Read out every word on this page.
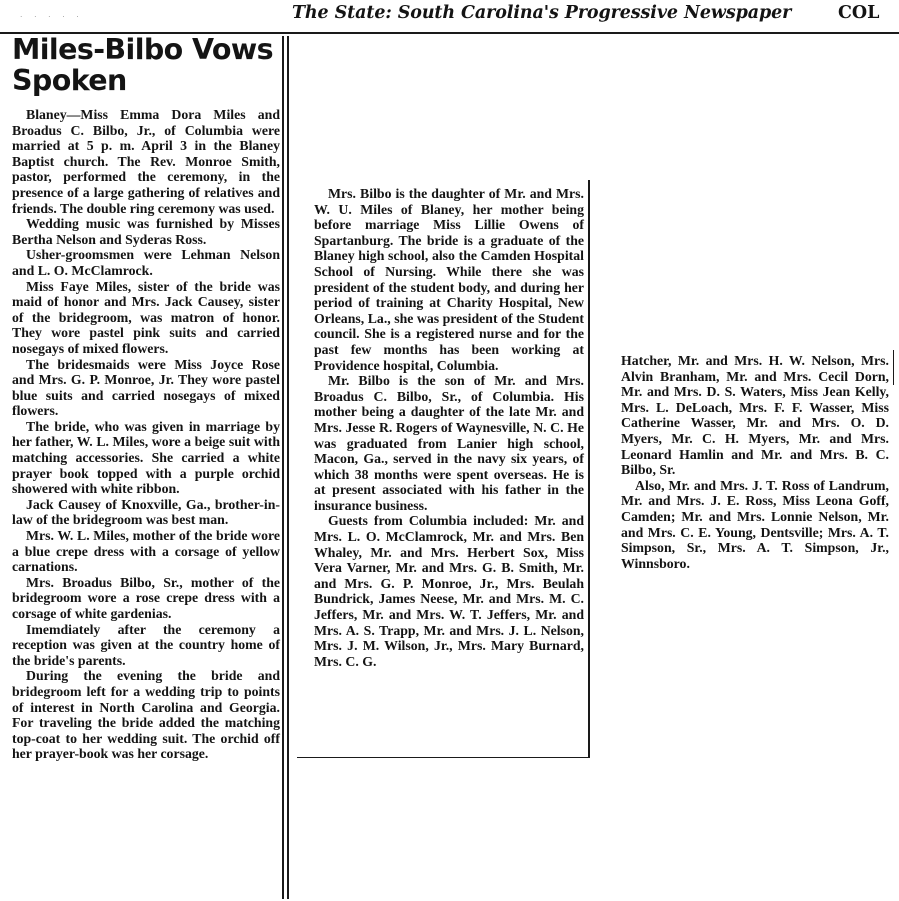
· · · · ·	The State: South Carolina's Progressive Newspaper	COL
Miles-Bilbo Vows Spoken

Blaney—Miss Emma Dora Miles and Broadus C. Bilbo, Jr., of Columbia were married at 5 p. m. April 3 in the Blaney Baptist church. The Rev. Monroe Smith, pastor, performed the ceremony, in the presence of a large gathering of relatives and friends. The double ring ceremony was used.

Wedding music was furnished by Misses Bertha Nelson and Syderas Ross.

Usher-groomsmen were Lehman Nelson and L. O. McClamrock.

Miss Faye Miles, sister of the bride was maid of honor and Mrs. Jack Causey, sister of the bridegroom, was matron of honor. They wore pastel pink suits and carried nosegays of mixed flowers.

The bridesmaids were Miss Joyce Rose and Mrs. G. P. Monroe, Jr. They wore pastel blue suits and carried nosegays of mixed flowers.

The bride, who was given in marriage by her father, W. L. Miles, wore a beige suit with matching accessories. She carried a white prayer book topped with a purple orchid showered with white ribbon.

Jack Causey of Knoxville, Ga., brother-in-law of the bridegroom was best man.

Mrs. W. L. Miles, mother of the bride wore a blue crepe dress with a corsage of yellow carnations.

Mrs. Broadus Bilbo, Sr., mother of the bridegroom wore a rose crepe dress with a corsage of white gardenias.

Imemdiately after the ceremony a reception was given at the country home of the bride's parents.

During the evening the bride and bridegroom left for a wedding trip to points of interest in North Carolina and Georgia. For traveling the bride added the matching top-coat to her wedding suit. The orchid off her prayer-book was her corsage.

Mrs. Bilbo is the daughter of Mr. and Mrs. W. U. Miles of Blaney, her mother being before marriage Miss Lillie Owens of Spartanburg. The bride is a graduate of the Blaney high school, also the Camden Hospital School of Nursing. While there she was president of the student body, and during her period of training at Charity Hospital, New Orleans, La., she was president of the Student council. She is a registered nurse and for the past few months has been working at Providence hospital, Columbia.

Mr. Bilbo is the son of Mr. and Mrs. Broadus C. Bilbo, Sr., of Columbia. His mother being a daughter of the late Mr. and Mrs. Jesse R. Rogers of Waynesville, N. C. He was graduated from Lanier high school, Macon, Ga., served in the navy six years, of which 38 months were spent overseas. He is at present associated with his father in the insurance business.

Guests from Columbia included: Mr. and Mrs. L. O. McClamrock, Mr. and Mrs. Ben Whaley, Mr. and Mrs. Herbert Sox, Miss Vera Varner, Mr. and Mrs. G. B. Smith, Mr. and Mrs. G. P. Monroe, Jr., Mrs. Beulah Bundrick, James Neese, Mr. and Mrs. M. C. Jeffers, Mr. and Mrs. W. T. Jeffers, Mr. and Mrs. A. S. Trapp, Mr. and Mrs. J. L. Nelson, Mrs. J. M. Wilson, Jr., Mrs. Mary Burnard, Mrs. C. G.

Hatcher, Mr. and Mrs. H. W. Nelson, Mrs. Alvin Branham, Mr. and Mrs. Cecil Dorn, Mr. and Mrs. D. S. Waters, Miss Jean Kelly, Mrs. L. DeLoach, Mrs. F. F. Wasser, Miss Catherine Wasser, Mr. and Mrs. O. D. Myers, Mr. C. H. Myers, Mr. and Mrs. Leonard Hamlin and Mr. and Mrs. B. C. Bilbo, Sr.

Also, Mr. and Mrs. J. T. Ross of Landrum, Mr. and Mrs. J. E. Ross, Miss Leona Goff, Camden; Mr. and Mrs. Lonnie Nelson, Mr. and Mrs. C. E. Young, Dentsville; Mrs. A. T. Simpson, Sr., Mrs. A. T. Simpson, Jr., Winnsboro.
